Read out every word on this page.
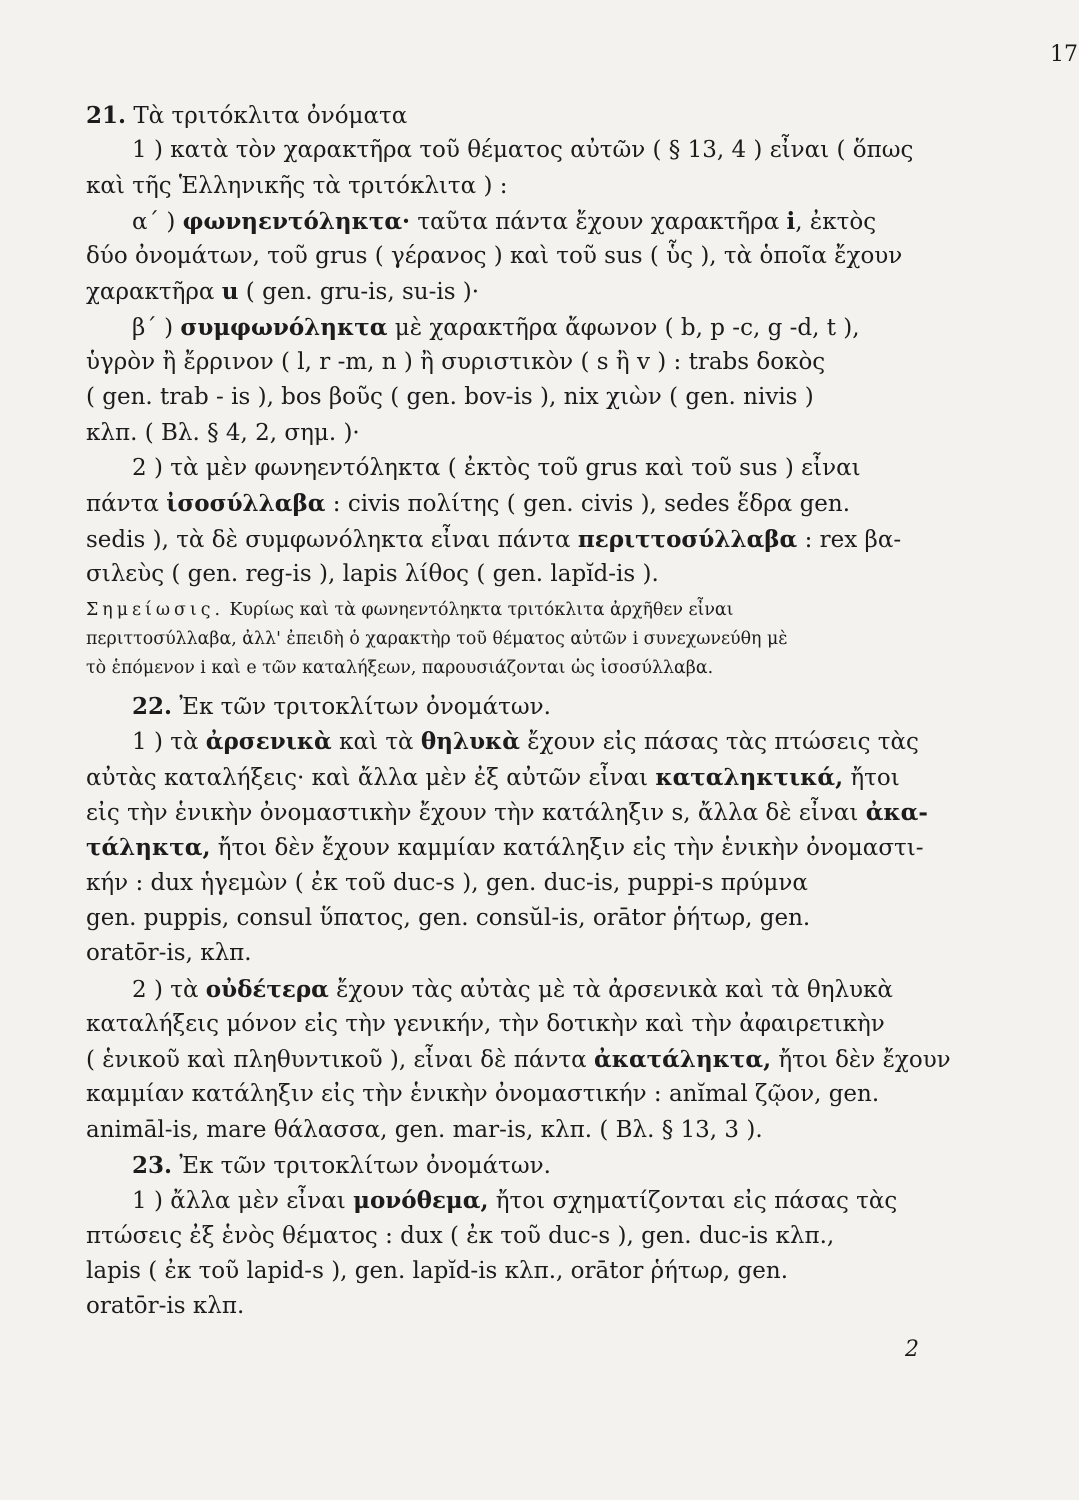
17
21. Τὰ τριτόκλιτα ὀνόματα
1 ) κατὰ τὸν χαρακτῆρα τοῦ θέματος αὐτῶν ( § 13, 4 ) εἶναι ( ὅπως
καὶ τῆς Ἑλληνικῆς τὰ τριτόκλιτα ) :
α΄ ) φωνηεντόληκτα· ταῦτα πάντα ἔχουν χαρακτῆρα i, ἐκτὸς
δύο ὀνομάτων, τοῦ grus ( γέρανος ) καὶ τοῦ sus ( ὗς ), τὰ ὁποῖα ἔχουν
χαρακτῆρα u ( gen. gru-is, su-is )·
β΄ ) συμφωνόληκτα μὲ χαρακτῆρα ἄφωνον ( b, p -c, g -d, t ),
ὑγρὸν ἢ ἔρρινον ( l, r -m, n ) ἢ συριστικὸν ( s ἢ v ) : trabs δοκὸς
( gen. trab - is ), bos βοῦς ( gen. bov-is ), nix χιὼν ( gen. nivis )
κλπ. ( Βλ. § 4, 2, σημ. )·
2 ) τὰ μὲν φωνηεντόληκτα ( ἐκτὸς τοῦ grus καὶ τοῦ sus ) εἶναι
πάντα ἰσοσύλλαβα : civis πολίτης ( gen. civis ), sedes ἕδρα gen.
sedis ), τὰ δὲ συμφωνόληκτα εἶναι πάντα περιττοσύλλαβα : rex βα-
σιλεὺς ( gen. reg-is ), lapis λίθος ( gen. lapĭd-is ).
Σημείωσις. Κυρίως καὶ τὰ φωνηεντόληκτα τριτόκλιτα ἀρχῆθεν εἶναι
περιττοσύλλαβα, ἀλλ' ἐπειδὴ ὁ χαρακτὴρ τοῦ θέματος αὐτῶν i συνεχωνεύθη μὲ
τὸ ἑπόμενον i καὶ e τῶν καταλήξεων, παρουσιάζονται ὡς ἰσοσύλλαβα.
22. Ἐκ τῶν τριτοκλίτων ὀνομάτων.
1 ) τὰ ἀρσενικὰ καὶ τὰ θηλυκὰ ἔχουν εἰς πάσας τὰς πτώσεις τὰς
αὐτὰς καταλήξεις· καὶ ἄλλα μὲν ἐξ αὐτῶν εἶναι καταληκτικά, ἤτοι
εἰς τὴν ἑνικὴν ὀνομαστικὴν ἔχουν τὴν κατάληξιν s, ἄλλα δὲ εἶναι ἀκα-
τάληκτα, ἤτοι δὲν ἔχουν καμμίαν κατάληξιν εἰς τὴν ἑνικὴν ὀνομαστι-
κήν : dux ἡγεμὼν ( ἐκ τοῦ duc-s ), gen. duc-is, puppi-s πρύμνα
gen. puppis, consul ὕπατος, gen. consŭl-is, orātor ῥήτωρ, gen.
oratōr-is, κλπ.
2 ) τὰ οὐδέτερα ἔχουν τὰς αὐτὰς μὲ τὰ ἀρσενικὰ καὶ τὰ θηλυκὰ
καταλήξεις μόνον εἰς τὴν γενικήν, τὴν δοτικὴν καὶ τὴν ἀφαιρετικὴν
( ἑνικοῦ καὶ πληθυντικοῦ ), εἶναι δὲ πάντα ἀκατάληκτα, ἤτοι δὲν ἔχουν
καμμίαν κατάληξιν εἰς τὴν ἑνικὴν ὀνομαστικήν : anĭmal ζῷον, gen.
animāl-is, mare θάλασσα, gen. mar-is, κλπ. ( Βλ. § 13, 3 ).
23. Ἐκ τῶν τριτοκλίτων ὀνομάτων.
1 ) ἄλλα μὲν εἶναι μονόθεμα, ἤτοι σχηματίζονται εἰς πάσας τὰς
πτώσεις ἐξ ἑνὸς θέματος : dux ( ἐκ τοῦ duc-s ), gen. duc-is κλπ.,
lapis ( ἐκ τοῦ lapid-s ), gen. lapĭd-is κλπ., orātor ῥήτωρ, gen.
oratōr-is κλπ.
2
